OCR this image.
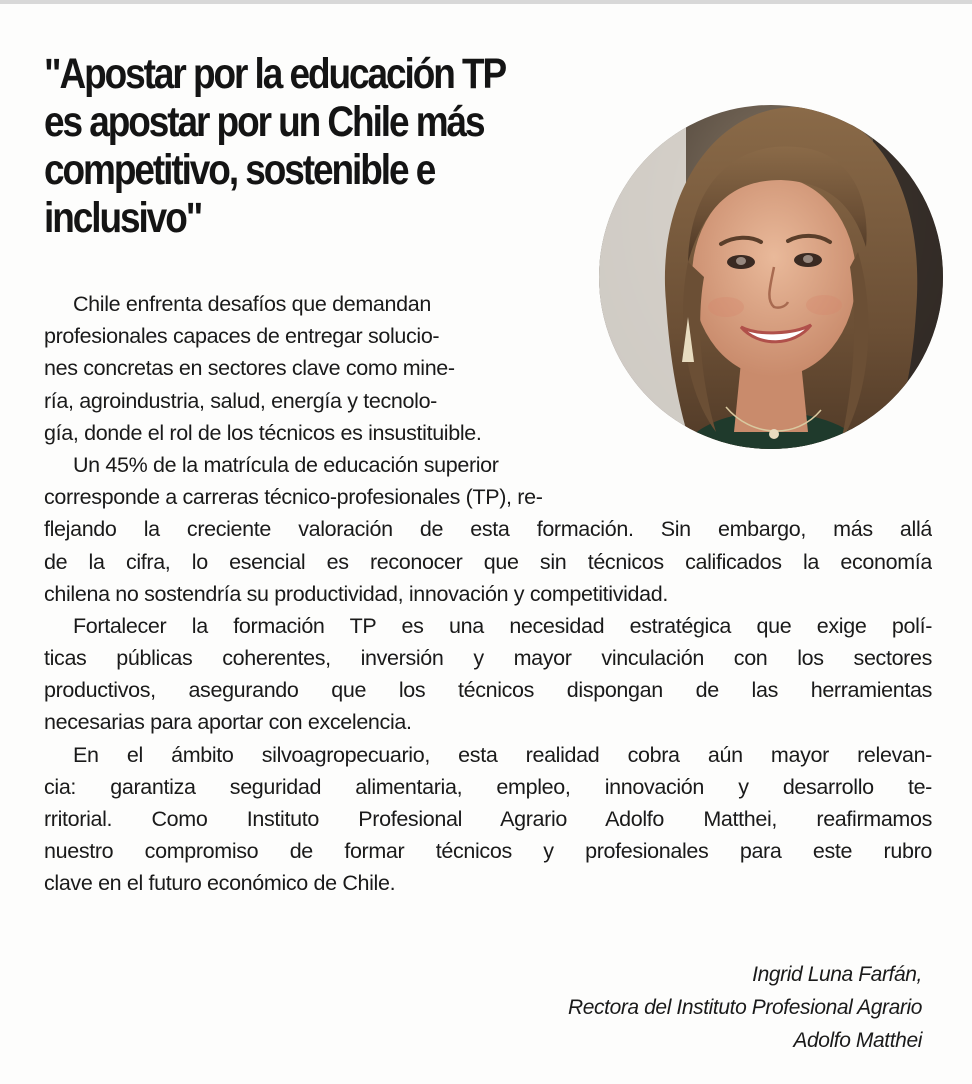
"Apostar por la educación TP
es apostar por un Chile más
competitivo, sostenible e
inclusivo"
Chile enfrenta desafíos que demandan
profesionales capaces de entregar solucio-
nes concretas en sectores clave como mine-
ría, agroindustria, salud, energía y tecnolo-
gía, donde el rol de los técnicos es insustituible.
Un 45% de la matrícula de educación superior
corresponde a carreras técnico-profesionales (TP), re-
flejando la creciente valoración de esta formación. Sin embargo, más allá
de la cifra, lo esencial es reconocer que sin técnicos calificados la economía
chilena no sostendría su productividad, innovación y competitividad.
Fortalecer la formación TP es una necesidad estratégica que exige polí-
ticas públicas coherentes, inversión y mayor vinculación con los sectores
productivos, asegurando que los técnicos dispongan de las herramientas
necesarias para aportar con excelencia.
En el ámbito silvoagropecuario, esta realidad cobra aún mayor relevan-
cia: garantiza seguridad alimentaria, empleo, innovación y desarrollo te-
rritorial. Como Instituto Profesional Agrario Adolfo Matthei, reafirmamos
nuestro compromiso de formar técnicos y profesionales para este rubro
clave en el futuro económico de Chile.
Ingrid Luna Farfán,
Rectora del Instituto Profesional Agrario
Adolfo Matthei
